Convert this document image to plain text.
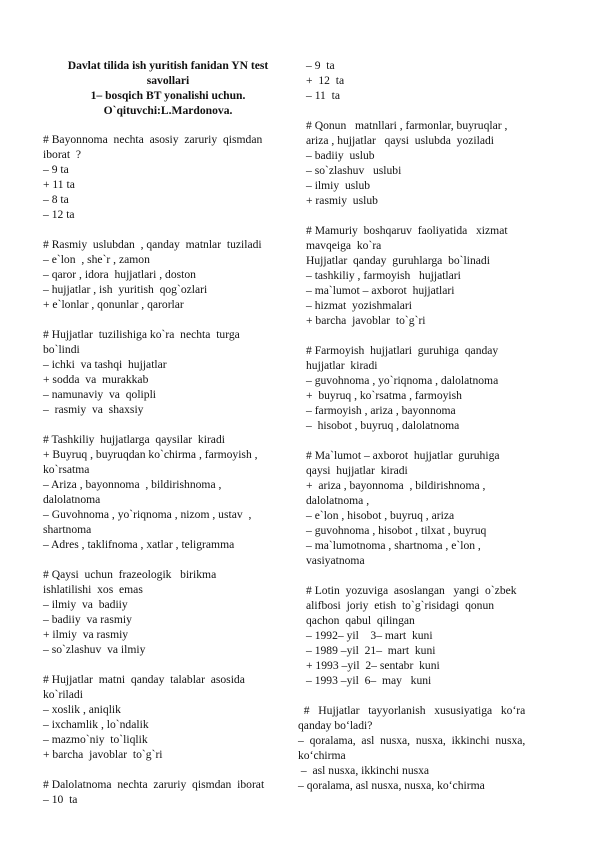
Davlat tilida ish yuritish fanidan YN test
savollari
1– bosqich BT yonalishi uchun.
O`qituvchi:L.Mardonova.
# Bayonnoma  nechta  asosiy  zaruriy  qismdan
iborat  ?
– 9 ta
+ 11 ta
– 8 ta
– 12 ta
# Rasmiy  uslubdan  , qanday  matnlar  tuziladi
– e`lon  , she`r , zamon
– qaror , idora  hujjatlari , doston
– hujjatlar , ish  yuritish  qog`ozlari
+ e`lonlar , qonunlar , qarorlar
# Hujjatlar  tuzilishiga ko`ra  nechta  turga
bo`lindi
– ichki  va tashqi  hujjatlar
+ sodda  va  murakkab
– namunaviy  va  qolipli
–  rasmiy  va  shaxsiy
# Tashkiliy  hujjatlarga  qaysilar  kiradi
+ Buyruq , buyruqdan ko`chirma , farmoyish ,
ko`rsatma
– Ariza , bayonnoma  , bildirishnoma ,
dalolatnoma
– Guvohnoma , yo`riqnoma , nizom , ustav  ,
shartnoma
– Adres , taklifnoma , xatlar , teligramma
# Qaysi  uchun  frazeologik   birikma
ishlatilishi  xos  emas
– ilmiy  va  badiiy
– badiiy  va rasmiy
+ ilmiy  va rasmiy
– so`zlashuv  va ilmiy
# Hujjatlar  matni  qanday  talablar  asosida
ko`riladi
– xoslik , aniqlik
– ixchamlik , lo`ndalik
– mazmo`niy  to`liqlik
+ barcha  javoblar  to`g`ri
# Dalolatnoma  nechta  zaruriy  qismdan  iborat
– 10  ta
– 9  ta
+  12  ta
– 11  ta
# Qonun   matnllari , farmonlar, buyruqlar ,
ariza , hujjatlar   qaysi  uslubda  yoziladi
– badiiy  uslub
– so`zlashuv   uslubi
– ilmiy  uslub
+ rasmiy  uslub
# Mamuriy  boshqaruv  faoliyatida   xizmat
mavqeiga  ko`ra
Hujjatlar  qanday  guruhlarga  bo`linadi
– tashkiliy , farmoyish   hujjatlari
– ma`lumot – axborot  hujjatlari
– hizmat  yozishmalari
+ barcha  javoblar  to`g`ri
# Farmoyish  hujjatlari  guruhiga  qanday
hujjatlar  kiradi
– guvohnoma , yo`riqnoma , dalolatnoma
+  buyruq , ko`rsatma , farmoyish
– farmoyish , ariza , bayonnoma
–  hisobot , buyruq , dalolatnoma
# Ma`lumot – axborot  hujjatlar  guruhiga
qaysi  hujjatlar  kiradi
+  ariza , bayonnoma  , bildirishnoma ,
dalolatnoma ,
– e`lon , hisobot , buyruq , ariza
– guvohnoma , hisobot , tilxat , buyruq
– ma`lumotnoma , shartnoma , e`lon ,
vasiyatnoma
# Lotin  yozuviga  asoslangan   yangi  o`zbek
alifbosi  joriy  etish  to`g`risidagi  qonun
qachon  qabul  qilingan
– 1992– yil    3– mart  kuni
– 1989 –yil  21–  mart  kuni
+ 1993 –yil  2– sentabr  kuni
– 1993 –yil  6–  may   kuni
#   Hujjatlar   tayyorlanish   xususiyatiga   ko‘ra
qanday bo‘ladi?
–  qoralama,  asl  nusxa,  nusxa,  ikkinchi  nusxa,
ko‘chirma
–  asl nusxa, ikkinchi nusxa
– qoralama, asl nusxa, nusxa, ko‘chirma
